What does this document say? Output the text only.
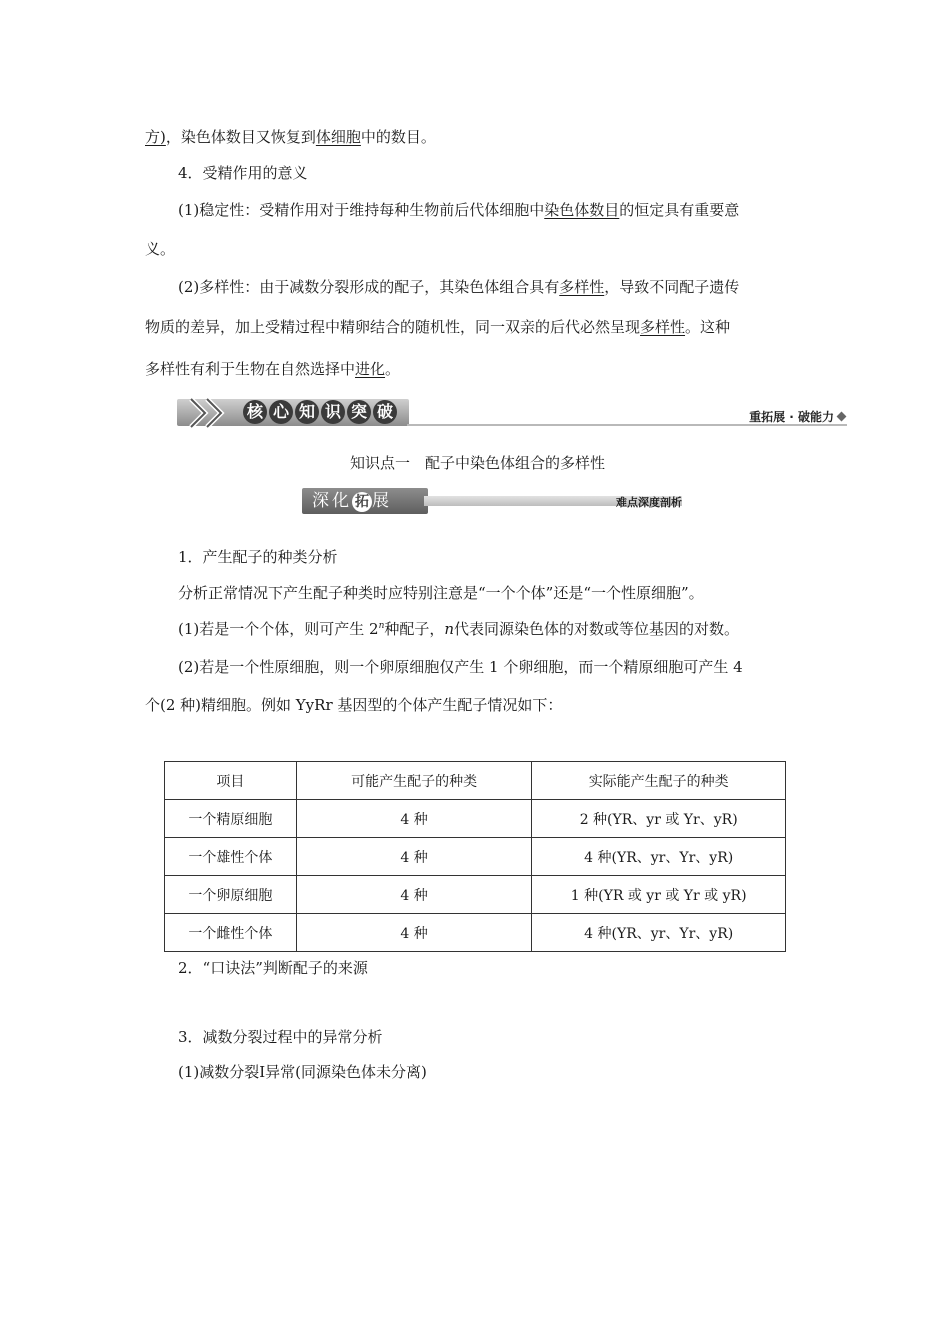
方)，染色体数目又恢复到体细胞中的数目。
4．受精作用的意义
(1)稳定性：受精作用对于维持每种生物前后代体细胞中染色体数目的恒定具有重要意
义。
(2)多样性：由于减数分裂形成的配子，其染色体组合具有多样性，导致不同配子遗传
物质的差异，加上受精过程中精卵结合的随机性，同一双亲的后代必然呈现多样性。这种
多样性有利于生物在自然选择中进化。
核 心 知 识 突 破	重拓展 · 破能力
知识点一　配子中染色体组合的多样性
深化 拓 展	难点深度剖析
1．产生配子的种类分析
分析正常情况下产生配子种类时应特别注意是“一个个体”还是“一个性原细胞”。
(1)若是一个个体，则可产生 2$^n$种配子，n代表同源染色体的对数或等位基因的对数。
(2)若是一个性原细胞，则一个卵原细胞仅产生 1 个卵细胞，而一个精原细胞可产生 4
个(2 种)精细胞。例如 YyRr 基因型的个体产生配子情况如下：
项目	可能产生配子的种类	实际能产生配子的种类
一个精原细胞	4 种	2 种(YR、yr 或 Yr、yR)
一个雄性个体	4 种	4 种(YR、yr、Yr、yR)
一个卵原细胞	4 种	1 种(YR 或 yr 或 Yr 或 yR)
一个雌性个体	4 种	4 种(YR、yr、Yr、yR)
2．“口诀法”判断配子的来源
3．减数分裂过程中的异常分析
(1)减数分裂Ⅰ异常(同源染色体未分离)
